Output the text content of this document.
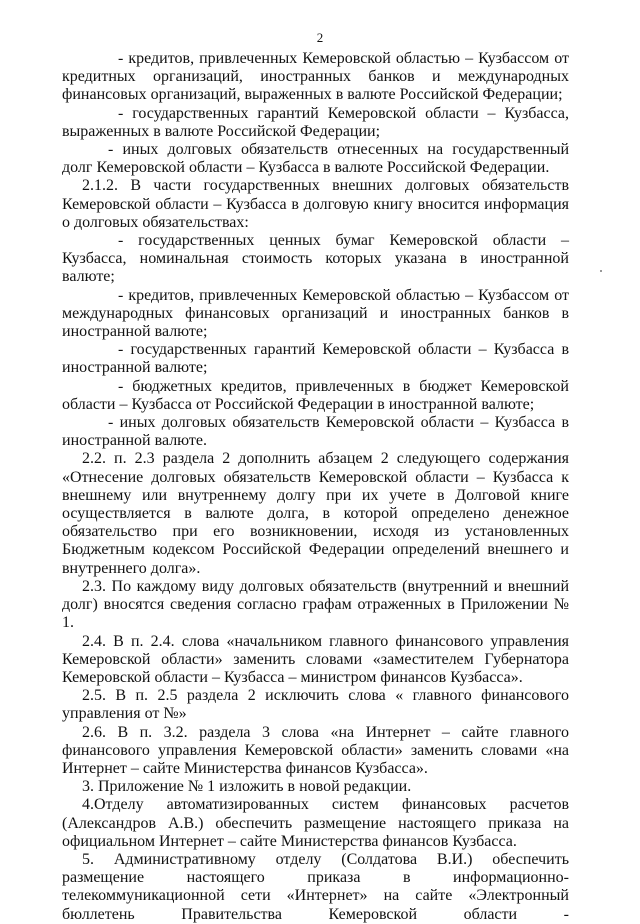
2

- кредитов, привлеченных Кемеровской областью – Кузбассом от кредитных организаций, иностранных банков и международных финансовых организаций, выраженных в валюте Российской Федерации;

- государственных гарантий Кемеровской области – Кузбасса, выраженных в валюте Российской Федерации;

- иных долговых обязательств отнесенных на государственный долг Кемеровской области – Кузбасса в валюте Российской Федерации.

2.1.2. В части государственных внешних долговых обязательств Кемеровской области – Кузбасса в долговую книгу вносится информация о долговых обязательствах:

- государственных ценных бумаг Кемеровской области – Кузбасса, номинальная стоимость которых указана в иностранной валюте;

- кредитов, привлеченных Кемеровской областью – Кузбассом от международных финансовых организаций и иностранных банков в иностранной валюте;

- государственных гарантий Кемеровской области – Кузбасса в иностранной валюте;

- бюджетных кредитов, привлеченных в бюджет Кемеровской области – Кузбасса от Российской Федерации в иностранной валюте;

- иных долговых обязательств Кемеровской области – Кузбасса в иностранной валюте.

2.2. п. 2.3 раздела 2 дополнить абзацем 2 следующего содержания «Отнесение долговых обязательств Кемеровской области – Кузбасса к внешнему или внутреннему долгу при их учете в Долговой книге осуществляется в валюте долга, в которой определено денежное обязательство при его возникновении, исходя из установленных Бюджетным кодексом Российской Федерации определений внешнего и внутреннего долга».

2.3. По каждому виду долговых обязательств (внутренний и внешний долг) вносятся сведения согласно графам отраженных в Приложении № 1.

2.4. В п. 2.4. слова «начальником главного финансового управления Кемеровской области» заменить словами «заместителем Губернатора Кемеровской области – Кузбасса – министром финансов Кузбасса».

2.5. В п. 2.5 раздела 2 исключить слова « главного финансового управления от №»

2.6. В п. 3.2. раздела 3 слова «на Интернет – сайте главного финансового управления Кемеровской области» заменить словами «на Интернет – сайте Министерства финансов Кузбасса».

3. Приложение № 1 изложить в новой редакции.

4.Отделу автоматизированных систем финансовых расчетов (Александров А.В.) обеспечить размещение настоящего приказа на официальном Интернет – сайте Министерства финансов Кузбасса.

5. Административному отделу (Солдатова В.И.) обеспечить размещение настоящего приказа в информационно-телекоммуникационной сети «Интернет» на сайте «Электронный бюллетень Правительства Кемеровской области -
